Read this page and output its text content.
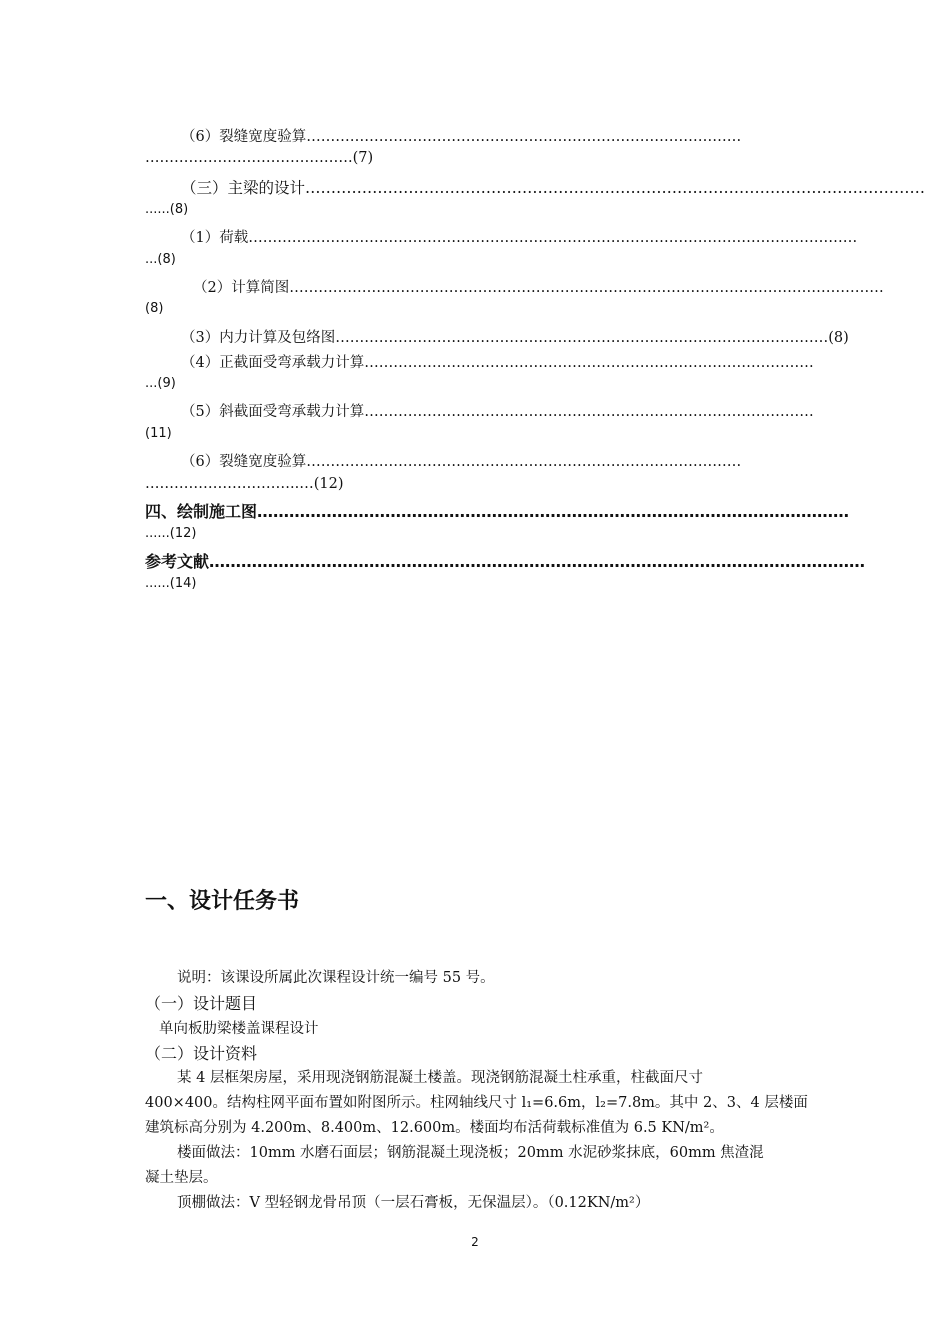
（6）裂缝宽度验算………………………………………………………………………………
…………………………………….(7)
（三）主梁的设计…………………………………………………………………………………………………………
......(8)
（1）荷载………………………………………………………………………………………………………………
...(8)
（2）计算简图……………………………………………………………………………………………………………
(8)
（3）内力计算及包络图…………………………………………………………………………………………(8)
（4）正截面受弯承载力计算…………………………………………………………………………………
...(9)
（5）斜截面受弯承载力计算…………………………………………………………………………………
(11)
（6）裂缝宽度验算………………………………………………………………………………
…………………………..…(12)
四、绘制施工图…………………………………………………………………………………………………
......(12)
参考文献……………………………………………………………………………………………………………
......(14)
一、设计任务书
说明：该课设所属此次课程设计统一编号 55 号。
（一）设计题目
单向板肋梁楼盖课程设计
（二）设计资料
某 4 层框架房屋，采用现浇钢筋混凝土楼盖。现浇钢筋混凝土柱承重，柱截面尺寸
400×400。结构柱网平面布置如附图所示。柱网轴线尺寸 l₁=6.6m，l₂=7.8m。其中 2、3、4 层楼面
建筑标高分别为 4.200m、8.400m、12.600m。楼面均布活荷载标准值为 6.5 KN/m²。
楼面做法：10mm 水磨石面层；钢筋混凝土现浇板；20mm 水泥砂浆抹底，60mm 焦渣混
凝土垫层。
顶棚做法：V 型轻钢龙骨吊顶（一层石膏板，无保温层）。（0.12KN/m²）
2
